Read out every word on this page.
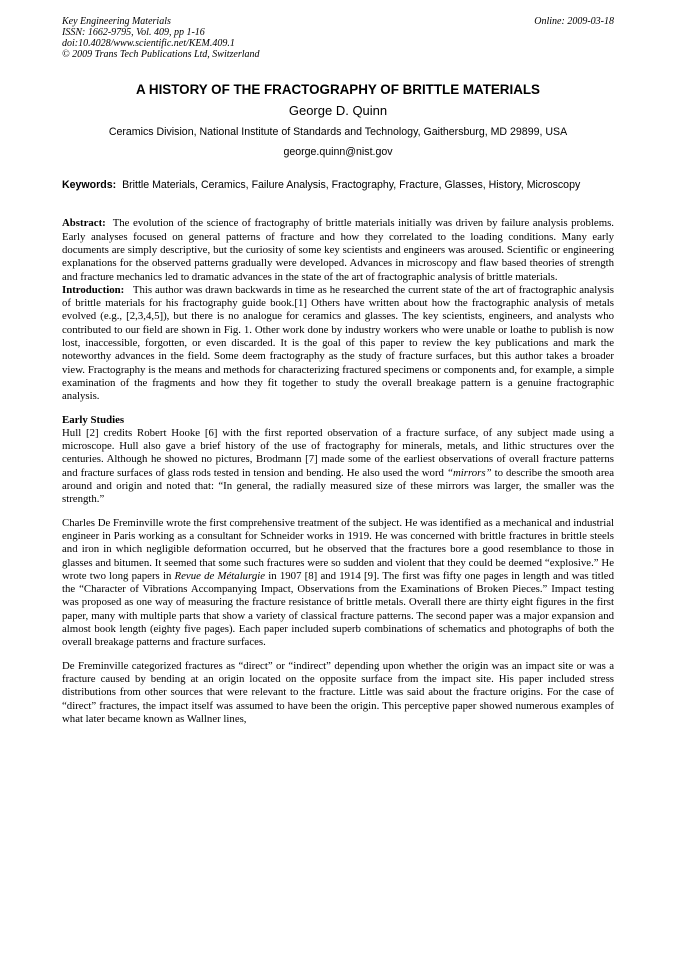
Key Engineering Materials
ISSN: 1662-9795, Vol. 409, pp 1-16
doi:10.4028/www.scientific.net/KEM.409.1
© 2009 Trans Tech Publications Ltd, Switzerland
Online: 2009-03-18
A HISTORY OF THE FRACTOGRAPHY OF BRITTLE MATERIALS
George D. Quinn
Ceramics Division, National Institute of Standards and Technology, Gaithersburg, MD 29899, USA
george.quinn@nist.gov
Keywords: Brittle Materials, Ceramics, Failure Analysis, Fractography, Fracture, Glasses, History, Microscopy

Abstract: The evolution of the science of fractography of brittle materials initially was driven by failure analysis problems. Early analyses focused on general patterns of fracture and how they correlated to the loading conditions. Many early documents are simply descriptive, but the curiosity of some key scientists and engineers was aroused. Scientific or engineering explanations for the observed patterns gradually were developed. Advances in microscopy and flaw based theories of strength and fracture mechanics led to dramatic advances in the state of the art of fractographic analysis of brittle materials.

Introduction: This author was drawn backwards in time as he researched the current state of the art of fractographic analysis of brittle materials for his fractography guide book.[1] Others have written about how the fractographic analysis of metals evolved (e.g., [2,3,4,5]), but there is no analogue for ceramics and glasses. The key scientists, engineers, and analysts who contributed to our field are shown in Fig. 1. Other work done by industry workers who were unable or loathe to publish is now lost, inaccessible, forgotten, or even discarded. It is the goal of this paper to review the key publications and mark the noteworthy advances in the field. Some deem fractography as the study of fracture surfaces, but this author takes a broader view. Fractography is the means and methods for characterizing fractured specimens or components and, for example, a simple examination of the fragments and how they fit together to study the overall breakage pattern is a genuine fractographic analysis.

Early Studies

Hull [2] credits Robert Hooke [6] with the first reported observation of a fracture surface, of any subject made using a microscope. Hull also gave a brief history of the use of fractography for minerals, metals, and lithic structures over the centuries. Although he showed no pictures, Brodmann [7] made some of the earliest observations of overall fracture patterns and fracture surfaces of glass rods tested in tension and bending. He also used the word “mirrors” to describe the smooth area around and origin and noted that: “In general, the radially measured size of these mirrors was larger, the smaller was the strength.”

Charles De Freminville wrote the first comprehensive treatment of the subject. He was identified as a mechanical and industrial engineer in Paris working as a consultant for Schneider works in 1919. He was concerned with brittle fractures in brittle steels and iron in which negligible deformation occurred, but he observed that the fractures bore a good resemblance to those in glasses and bitumen. It seemed that some such fractures were so sudden and violent that they could be deemed “explosive.” He wrote two long papers in Revue de Métalurgie in 1907 [8] and 1914 [9]. The first was fifty one pages in length and was titled the “Character of Vibrations Accompanying Impact, Observations from the Examinations of Broken Pieces.” Impact testing was proposed as one way of measuring the fracture resistance of brittle metals. Overall there are thirty eight figures in the first paper, many with multiple parts that show a variety of classical fracture patterns. The second paper was a major expansion and almost book length (eighty five pages). Each paper included superb combinations of schematics and photographs of both the overall breakage patterns and fracture surfaces.

De Freminville categorized fractures as “direct” or “indirect” depending upon whether the origin was an impact site or was a fracture caused by bending at an origin located on the opposite surface from the impact site. His paper included stress distributions from other sources that were relevant to the fracture. Little was said about the fracture origins. For the case of “direct” fractures, the impact itself was assumed to have been the origin. This perceptive paper showed numerous examples of what later became known as Wallner lines,
